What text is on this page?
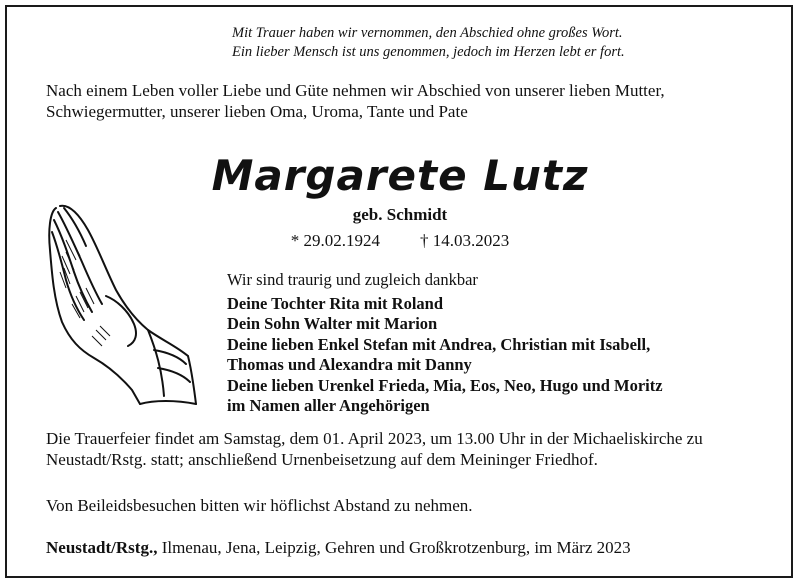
Mit Trauer haben wir vernommen, den Abschied ohne großes Wort.
Ein lieber Mensch ist uns genommen, jedoch im Herzen lebt er fort.
Nach einem Leben voller Liebe und Güte nehmen wir Abschied von unserer lieben Mutter, Schwiegermutter, unserer lieben Oma, Uroma, Tante und Pate
Margarete Lutz
geb. Schmidt
* 29.02.1924 † 14.03.2023
Wir sind traurig und zugleich dankbar
Deine Tochter Rita mit Roland
Dein Sohn Walter mit Marion
Deine lieben Enkel Stefan mit Andrea, Christian mit Isabell,
Thomas und Alexandra mit Danny
Deine lieben Urenkel Frieda, Mia, Eos, Neo, Hugo und Moritz
im Namen aller Angehörigen
Die Trauerfeier findet am Samstag, dem 01. April 2023, um 13.00 Uhr in der Michaeliskirche zu Neustadt/Rstg. statt; anschließend Urnenbeisetzung auf dem Meininger Friedhof.
Von Beileidsbesuchen bitten wir höflichst Abstand zu nehmen.
Neustadt/Rstg., Ilmenau, Jena, Leipzig, Gehren und Großkrotzenburg, im März 2023
